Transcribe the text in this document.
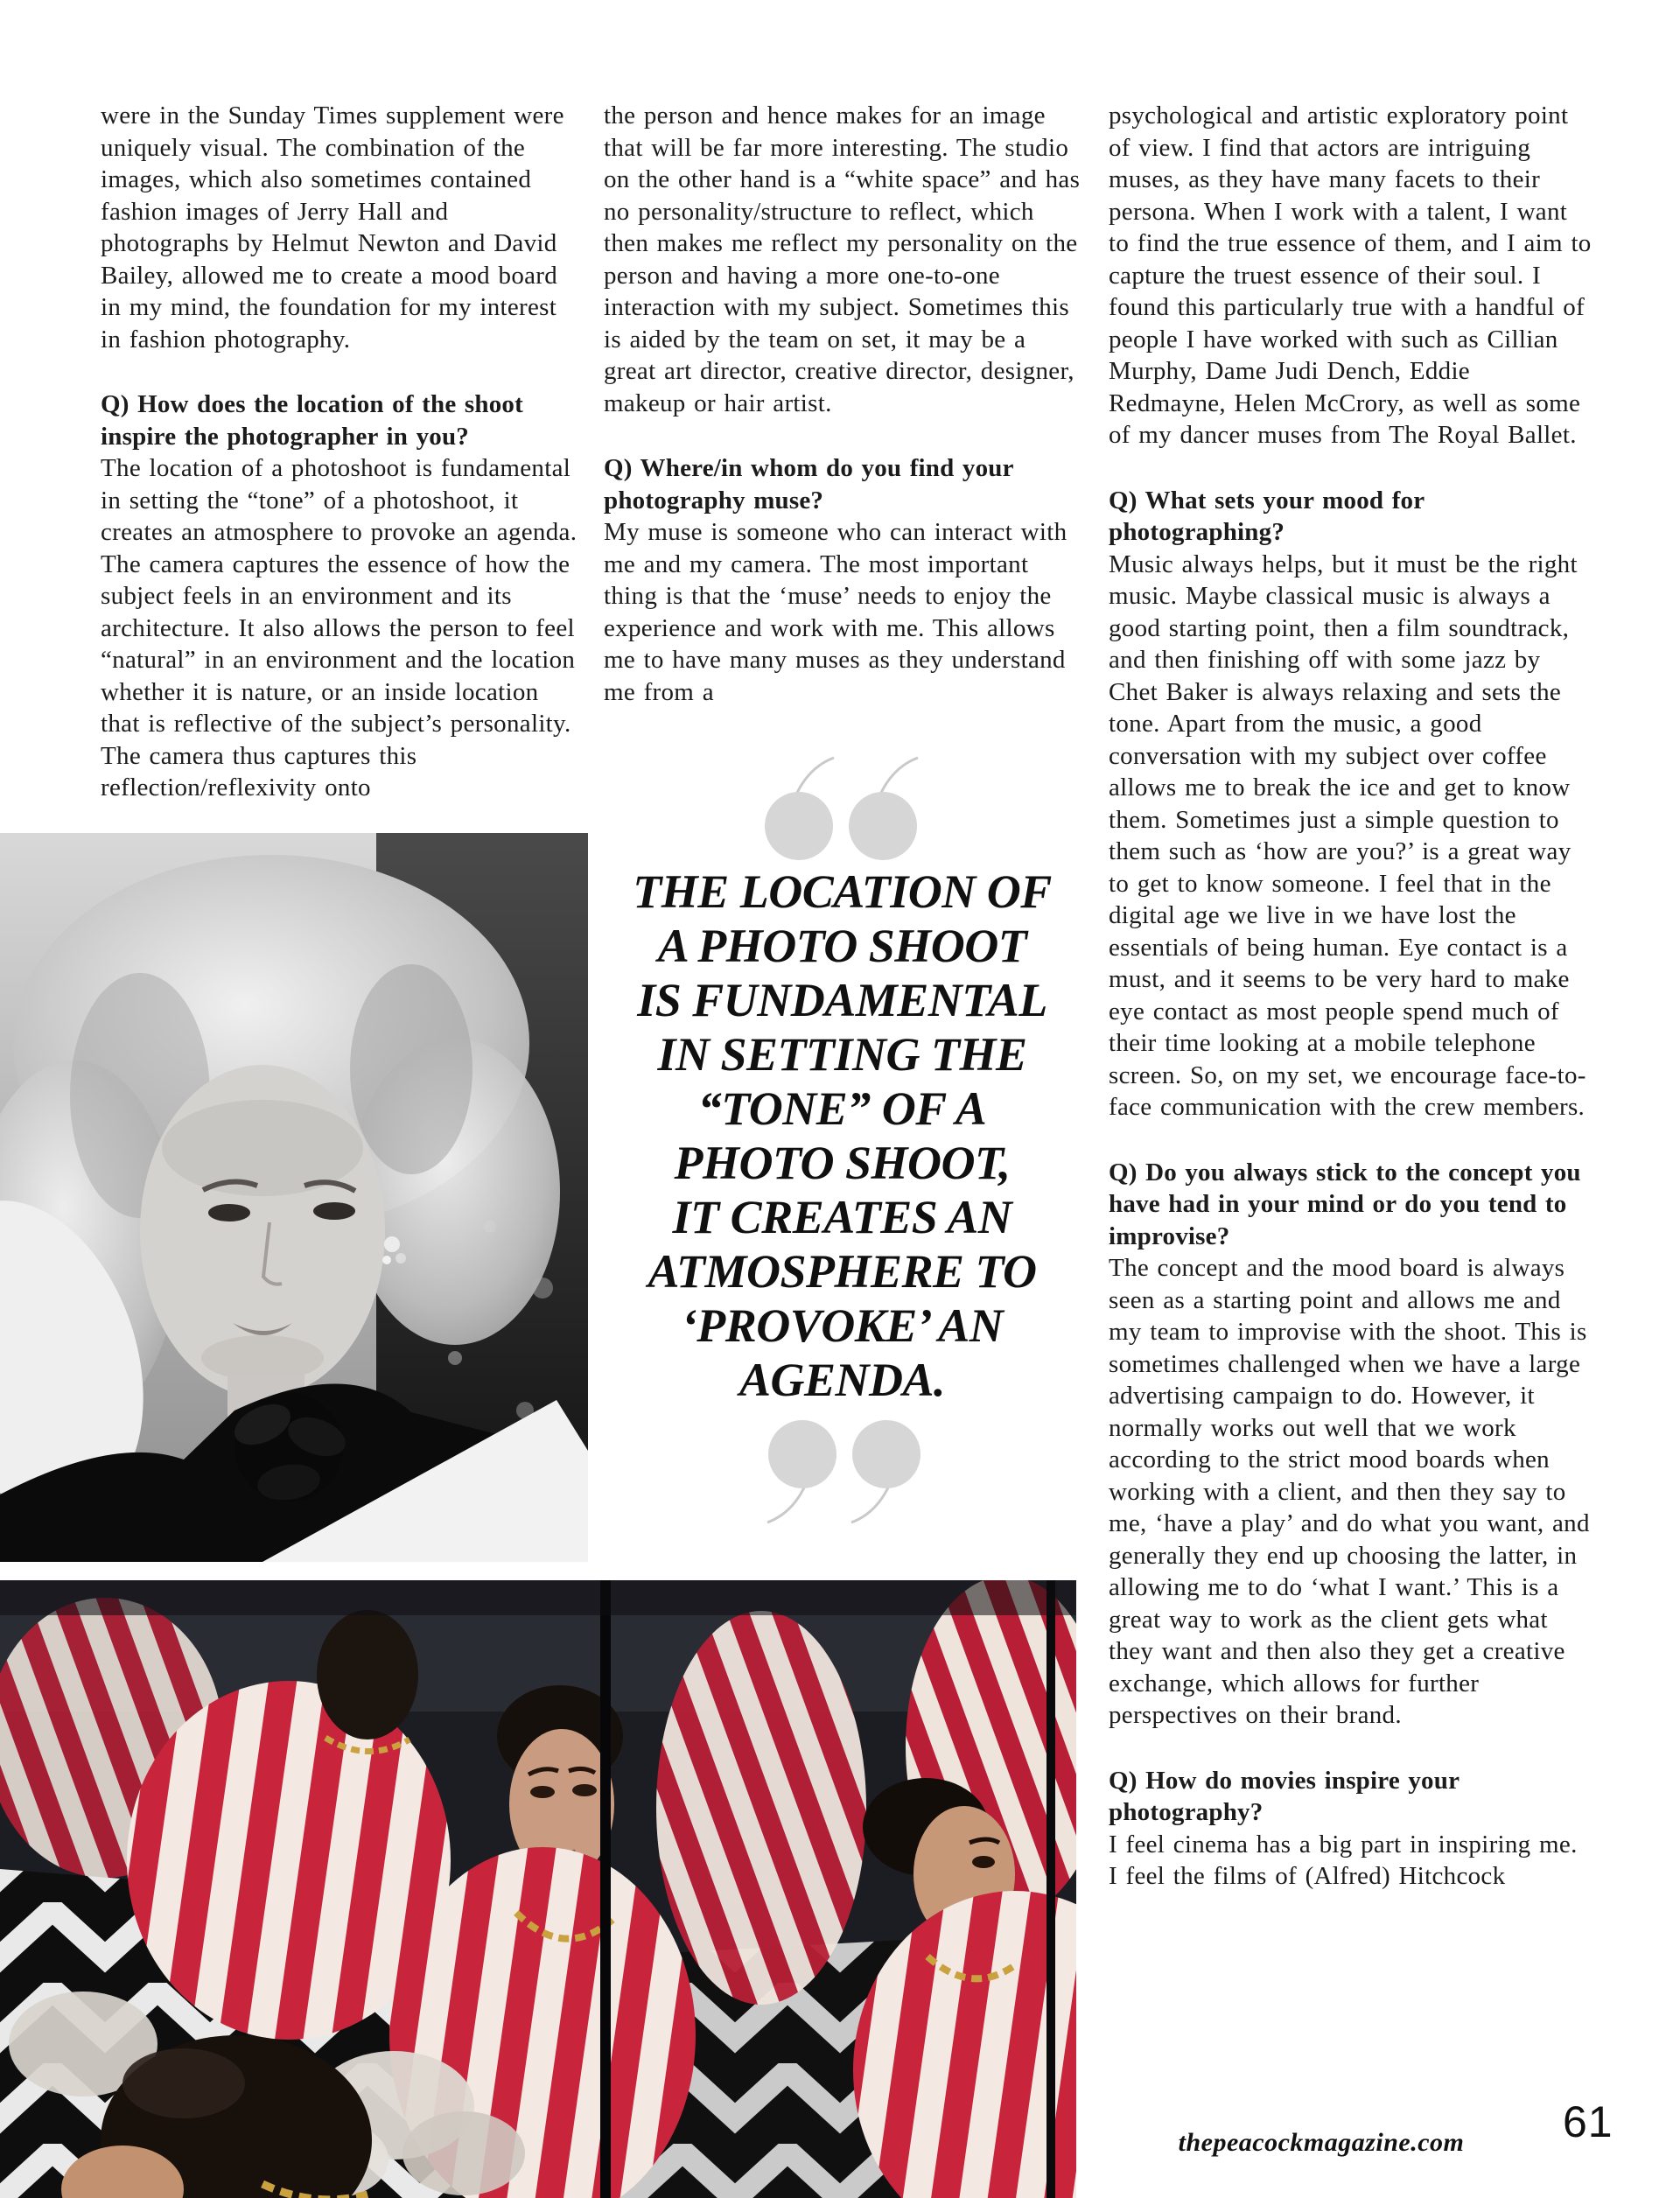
were in the Sunday Times supplement were uniquely visual. The combination of the images, which also sometimes contained fashion images of Jerry Hall and photographs by Helmut Newton and David Bailey, allowed me to create a mood board in my mind, the foundation for my interest in fashion photography.

Q) How does the location of the shoot inspire the photographer in you?
The location of a photoshoot is fundamental in setting the “tone” of a photoshoot, it creates an atmosphere to provoke an agenda. The camera captures the essence of how the subject feels in an environment and its architecture. It also allows the person to feel “natural” in an environment and the location whether it is nature, or an inside location that is reflective of the subject’s personality. The camera thus captures this reflection/reflexivity onto

the person and hence makes for an image that will be far more interesting. The studio on the other hand is a “white space” and has no personality/structure to reflect, which then makes me reflect my personality on the person and having a more one-to-one interaction with my subject. Sometimes this is aided by the team on set, it may be a great art director, creative director, designer, makeup or hair artist.

Q) Where/in whom do you find your photography muse?
My muse is someone who can interact with me and my camera. The most important thing is that the ‘muse’ needs to enjoy the experience and work with me. This allows me to have many muses as they understand me from a

psychological and artistic exploratory point of view. I find that actors are intriguing muses, as they have many facets to their persona. When I work with a talent, I want to find the true essence of them, and I aim to capture the truest essence of their soul. I found this particularly true with a handful of people I have worked with such as Cillian Murphy, Dame Judi Dench, Eddie Redmayne, Helen McCrory, as well as some of my dancer muses from The Royal Ballet.

Q) What sets your mood for photographing?
Music always helps, but it must be the right music. Maybe classical music is always a good starting point, then a film soundtrack, and then finishing off with some jazz by Chet Baker is always relaxing and sets the tone. Apart from the music, a good conversation with my subject over coffee allows me to break the ice and get to know them. Sometimes just a simple question to them such as ‘how are you?’ is a great way to get to know someone. I feel that in the digital age we live in we have lost the essentials of being human. Eye contact is a must, and it seems to be very hard to make eye contact as most people spend much of their time looking at a mobile telephone screen. So, on my set, we encourage face-to-face communication with the crew members.
Q) Do you always stick to the concept you have had in your mind or do you tend to improvise?
The concept and the mood board is always seen as a starting point and allows me and my team to improvise with the shoot. This is sometimes challenged when we have a large advertising campaign to do. However, it normally works out well that we work according to the strict mood boards when working with a client, and then they say to me, ‘have a play’ and do what you want, and generally they end up choosing the latter, in allowing me to do ‘what I want.’ This is a great way to work as the client gets what they want and then also they get a creative exchange, which allows for further perspectives on their brand.
Q) How do movies inspire your photography?
I feel cinema has a big part in inspiring me. I feel the films of (Alfred) Hitchcock
THE LOCATION OF
A PHOTO SHOOT
IS FUNDAMENTAL
IN SETTING THE
“TONE” OF A
PHOTO SHOOT,
IT CREATES AN
ATMOSPHERE TO
‘PROVOKE’ AN
AGENDA.
thepeacockmagazine.com	61
